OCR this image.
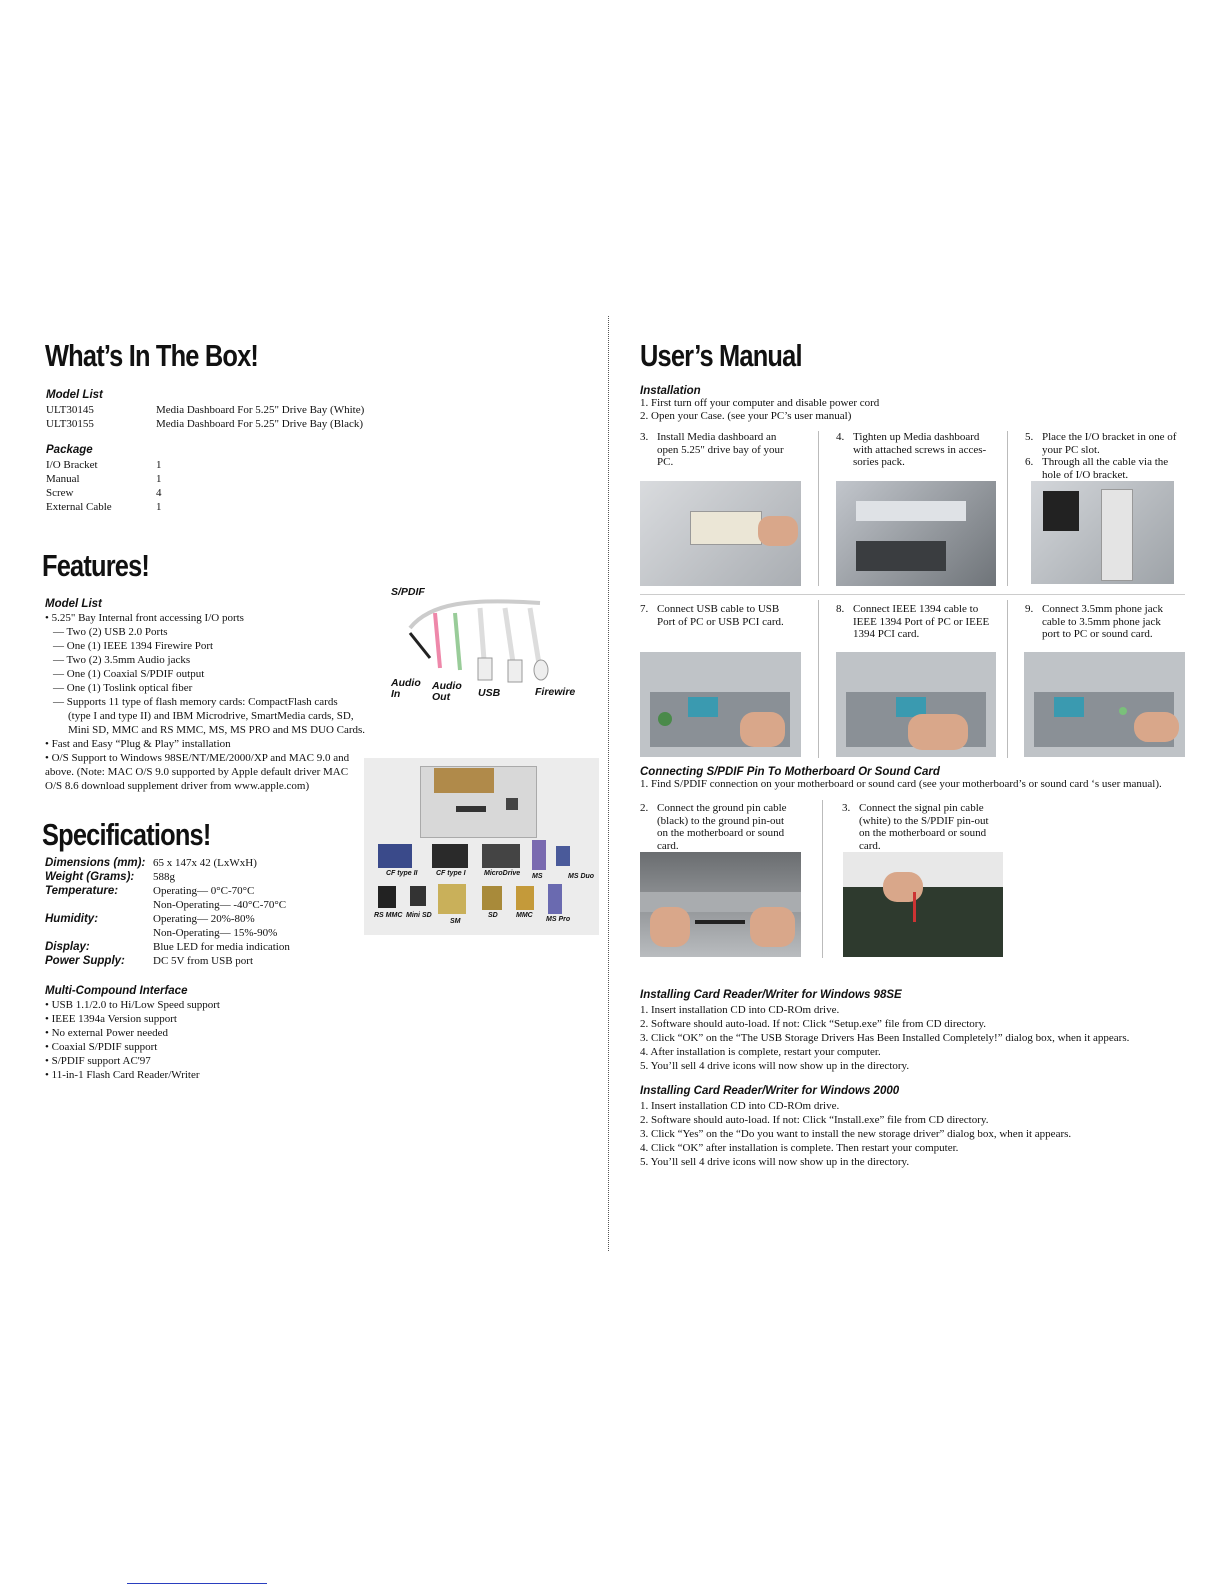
What’s In The Box!
Model List
ULT30145	Media Dashboard For 5.25" Drive Bay (White)
ULT30155	Media Dashboard For 5.25" Drive Bay (Black)
Package
I/O Bracket	1
Manual	1
Screw	4
External Cable	1
Features!
Model List
• 5.25" Bay Internal front accessing I/O ports
— Two (2) USB 2.0 Ports
— One (1) IEEE 1394 Firewire Port
— Two (2) 3.5mm Audio jacks
— One (1) Coaxial S/PDIF output
— One (1) Toslink optical fiber
— Supports 11 type of flash memory cards: CompactFlash cards
(type I and type II) and IBM Microdrive, SmartMedia cards, SD,
Mini SD, MMC and RS MMC, MS, MS PRO and MS DUO Cards.
• Fast and Easy “Plug & Play” installation
• O/S Support to Windows 98SE/NT/ME/2000/XP and MAC 9.0 and
above. (Note: MAC O/S 9.0 supported by Apple default driver MAC
O/S 8.6 download supplement driver from www.apple.com)
S/PDIF
Audio In
Audio Out	USB	Firewire
CF type II	CF type I	MicroDrive MS	MS Duo
RS MMC Mini SD
SM
SD	MMC
MS Pro
Specifications!
Dimensions (mm): 65 x 147x 42 (LxWxH)
Weight (Grams): 588g
Temperature:	Operating— 0°C-70°C
Non-Operating— -40°C-70°C
Humidity:	Operating— 20%-80%
Non-Operating— 15%-90%
Display:	Blue LED for media indication
Power Supply:	DC 5V from USB port
Multi-Compound Interface
• USB 1.1/2.0 to Hi/Low Speed support
• IEEE 1394a Version support
• No external Power needed
• Coaxial S/PDIF support
• S/PDIF support AC'97
• 11-in-1 Flash Card Reader/Writer
User’s Manual
Installation
1. First turn off your computer and disable power cord
2. Open your Case. (see your PC’s user manual)
3. Install Media dashboard an
open 5.25" drive bay of your
PC.
4. Tighten up Media dashboard
with attached screws in acces-
sories pack.
5. Place the I/O bracket in one of
your PC slot.
6. Through all the cable via the
hole of I/O bracket.
7. Connect USB cable to USB
Port of PC or USB PCI card.
8. Connect IEEE 1394 cable to
IEEE 1394 Port of PC or IEEE
1394 PCI card.
9. Connect 3.5mm phone jack
cable to 3.5mm phone jack
port to PC or sound card.
Connecting S/PDIF Pin To Motherboard Or Sound Card
1. Find S/PDIF connection on your motherboard or sound card (see your motherboard’s or sound card ‘s user manual).
2. Connect the ground pin cable
(black) to the ground pin-out
on the motherboard or sound
card.
3. Connect the signal pin cable
(white) to the S/PDIF pin-out
on the motherboard or sound
card.
Installing Card Reader/Writer for Windows 98SE
1. Insert installation CD into CD-ROm drive.
2. Software should auto-load. If not: Click “Setup.exe” file from CD directory.
3. Click “OK” on the “The USB Storage Drivers Has Been Installed Completely!” dialog box, when it appears.
4. After installation is complete, restart your computer.
5. You’ll sell 4 drive icons will now show up in the directory.
Installing Card Reader/Writer for Windows 2000
1. Insert installation CD into CD-ROm drive.
2. Software should auto-load. If not: Click “Install.exe” file from CD directory.
3. Click “Yes” on the “Do you want to install the new storage driver” dialog box, when it appears.
4. Click “OK” after installation is complete. Then restart your computer.
5. You’ll sell 4 drive icons will now show up in the directory.
